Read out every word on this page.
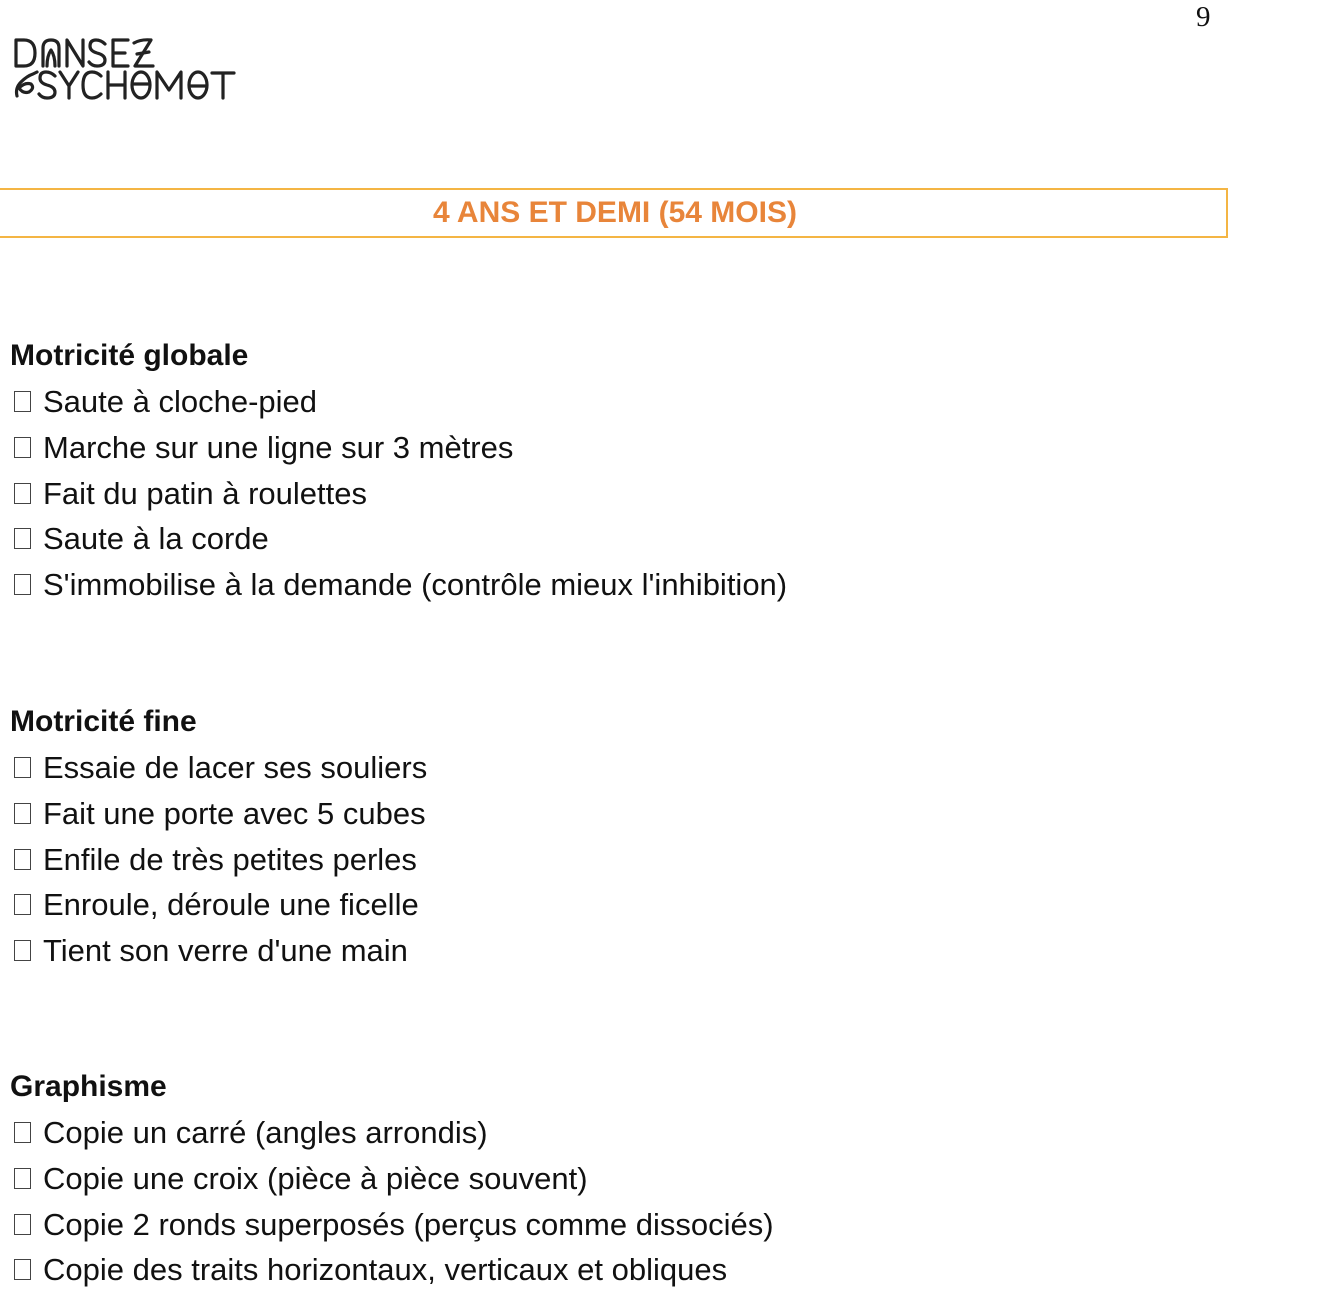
9
4 ANS ET DEMI (54 MOIS)

Motricité globale

Saute à cloche-pied
Marche sur une ligne sur 3 mètres
Fait du patin à roulettes
Saute à la corde
S'immobilise à la demande (contrôle mieux l'inhibition)

Motricité fine

Essaie de lacer ses souliers
Fait une porte avec 5 cubes
Enfile de très petites perles
Enroule, déroule une ficelle
Tient son verre d'une main

Graphisme

Copie un carré (angles arrondis)
Copie une croix (pièce à pièce souvent)
Copie 2 ronds superposés (perçus comme dissociés)
Copie des traits horizontaux, verticaux et obliques
